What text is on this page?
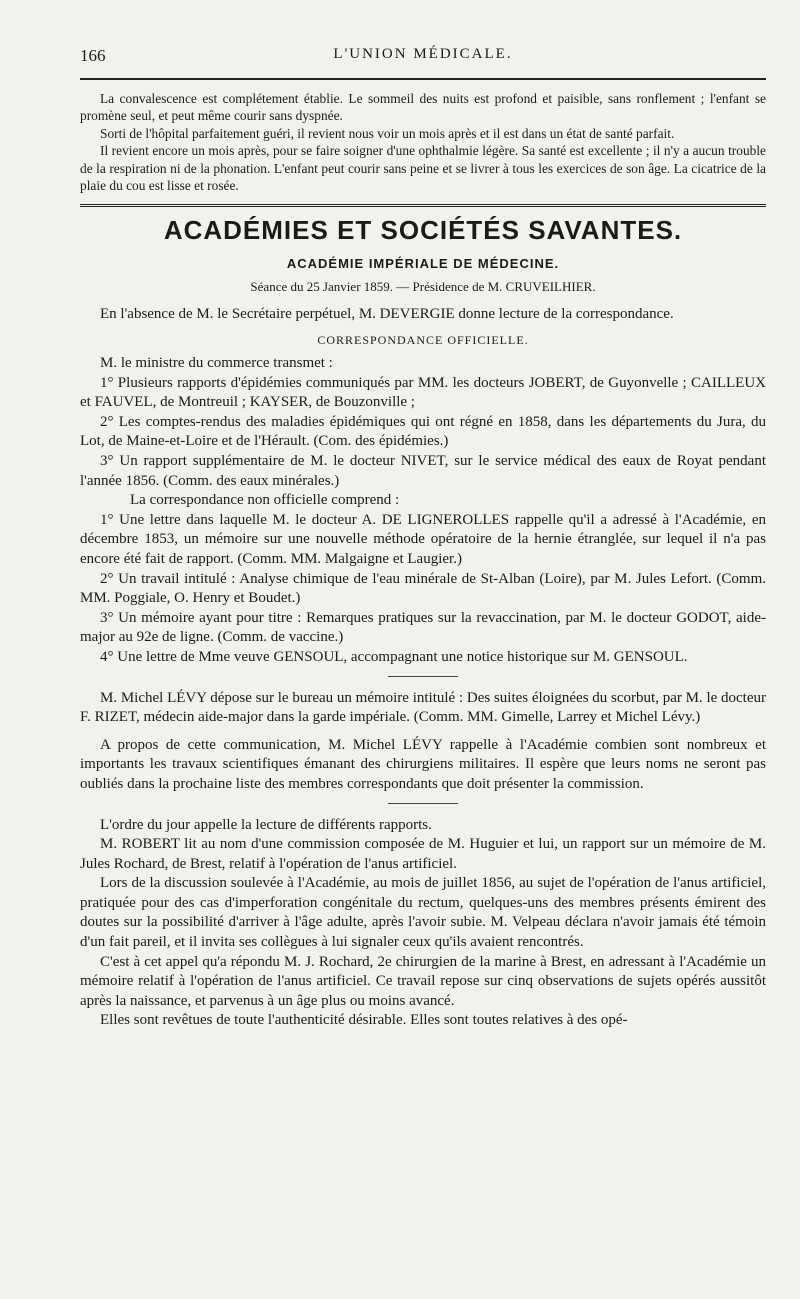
166	L'UNION MÉDICALE.

La convalescence est complétement établie. Le sommeil des nuits est profond et paisible, sans ronflement ; l'enfant se promène seul, et peut même courir sans dyspnée.

Sorti de l'hôpital parfaitement guéri, il revient nous voir un mois après et il est dans un état de santé parfait.

Il revient encore un mois après, pour se faire soigner d'une ophthalmie légère. Sa santé est excellente ; il n'y a aucun trouble de la respiration ni de la phonation. L'enfant peut courir sans peine et se livrer à tous les exercices de son âge. La cicatrice de la plaie du cou est lisse et rosée.

ACADÉMIES ET SOCIÉTÉS SAVANTES.
ACADÉMIE IMPÉRIALE DE MÉDECINE.
Séance du 25 Janvier 1859. — Présidence de M. CRUVEILHIER.

En l'absence de M. le Secrétaire perpétuel, M. DEVERGIE donne lecture de la correspondance.

CORRESPONDANCE OFFICIELLE.

M. le ministre du commerce transmet :

1° Plusieurs rapports d'épidémies communiqués par MM. les docteurs JOBERT, de Guyonvelle ; CAILLEUX et FAUVEL, de Montreuil ; KAYSER, de Bouzonville ;

2° Les comptes-rendus des maladies épidémiques qui ont régné en 1858, dans les départements du Jura, du Lot, de Maine-et-Loire et de l'Hérault. (Com. des épidémies.)

3° Un rapport supplémentaire de M. le docteur NIVET, sur le service médical des eaux de Royat pendant l'année 1856. (Comm. des eaux minérales.)

La correspondance non officielle comprend :

1° Une lettre dans laquelle M. le docteur A. DE LIGNEROLLES rappelle qu'il a adressé à l'Académie, en décembre 1853, un mémoire sur une nouvelle méthode opératoire de la hernie étranglée, sur lequel il n'a pas encore été fait de rapport. (Comm. MM. Malgaigne et Laugier.)

2° Un travail intitulé : Analyse chimique de l'eau minérale de St-Alban (Loire), par M. Jules Lefort. (Comm. MM. Poggiale, O. Henry et Boudet.)

3° Un mémoire ayant pour titre : Remarques pratiques sur la revaccination, par M. le docteur GODOT, aide-major au 92e de ligne. (Comm. de vaccine.)

4° Une lettre de Mme veuve GENSOUL, accompagnant une notice historique sur M. GENSOUL.

M. Michel LÉVY dépose sur le bureau un mémoire intitulé : Des suites éloignées du scorbut, par M. le docteur F. RIZET, médecin aide-major dans la garde impériale. (Comm. MM. Gimelle, Larrey et Michel Lévy.)

A propos de cette communication, M. Michel LÉVY rappelle à l'Académie combien sont nombreux et importants les travaux scientifiques émanant des chirurgiens militaires. Il espère que leurs noms ne seront pas oubliés dans la prochaine liste des membres correspondants que doit présenter la commission.

L'ordre du jour appelle la lecture de différents rapports.

M. ROBERT lit au nom d'une commission composée de M. Huguier et lui, un rapport sur un mémoire de M. Jules Rochard, de Brest, relatif à l'opération de l'anus artificiel.

Lors de la discussion soulevée à l'Académie, au mois de juillet 1856, au sujet de l'opération de l'anus artificiel, pratiquée pour des cas d'imperforation congénitale du rectum, quelques-uns des membres présents émirent des doutes sur la possibilité d'arriver à l'âge adulte, après l'avoir subie. M. Velpeau déclara n'avoir jamais été témoin d'un fait pareil, et il invita ses collègues à lui signaler ceux qu'ils avaient rencontrés.

C'est à cet appel qu'a répondu M. J. Rochard, 2e chirurgien de la marine à Brest, en adressant à l'Académie un mémoire relatif à l'opération de l'anus artificiel. Ce travail repose sur cinq observations de sujets opérés aussitôt après la naissance, et parvenus à un âge plus ou moins avancé.

Elles sont revêtues de toute l'authenticité désirable. Elles sont toutes relatives à des opé-
